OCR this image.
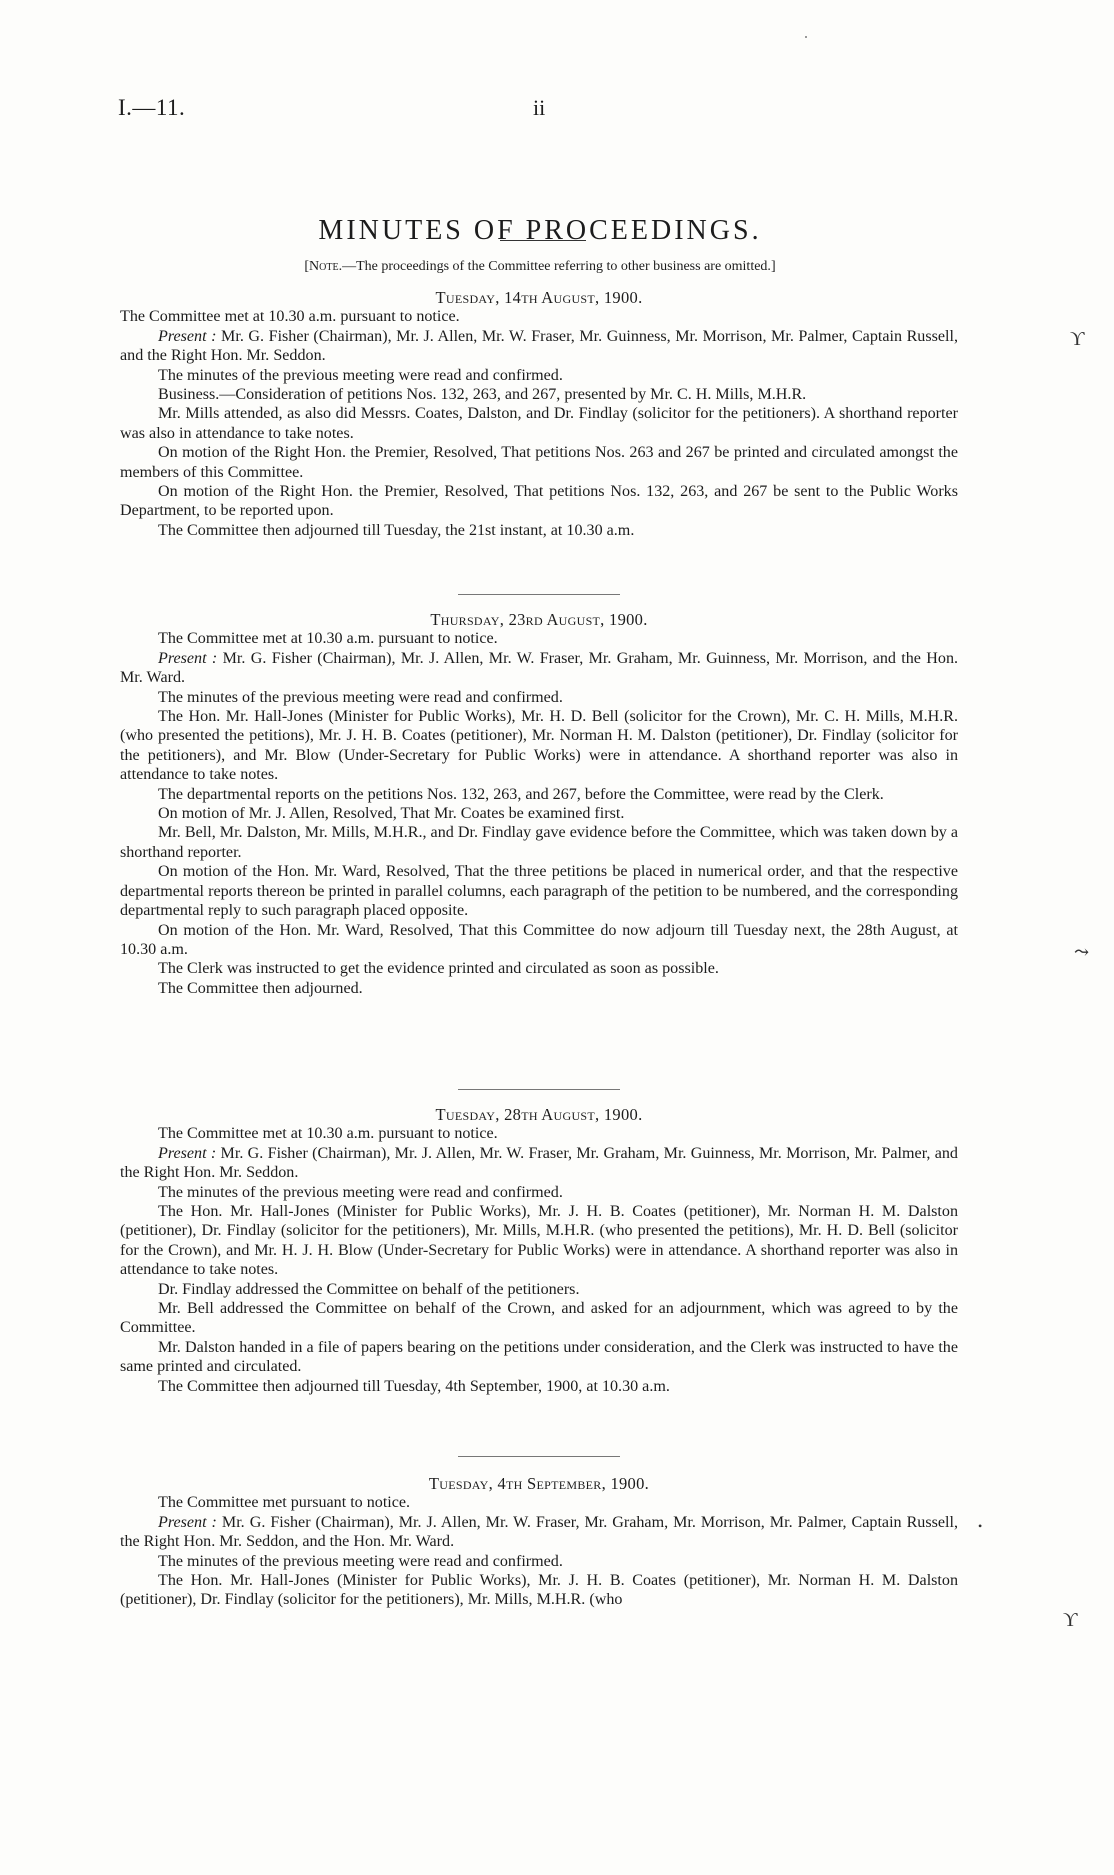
I.—11.	ii
MINUTES OF PROCEEDINGS.
[Note.—The proceedings of the Committee referring to other business are omitted.]
Tuesday, 14th August, 1900.

The Committee met at 10.30 a.m. pursuant to notice.

Present : Mr. G. Fisher (Chairman), Mr. J. Allen, Mr. W. Fraser, Mr. Guinness, Mr. Morrison, Mr. Palmer, Captain Russell, and the Right Hon. Mr. Seddon.

The minutes of the previous meeting were read and confirmed.

Business.—Consideration of petitions Nos. 132, 263, and 267, presented by Mr. C. H. Mills, M.H.R.

Mr. Mills attended, as also did Messrs. Coates, Dalston, and Dr. Findlay (solicitor for the petitioners). A shorthand reporter was also in attendance to take notes.

On motion of the Right Hon. the Premier, Resolved, That petitions Nos. 263 and 267 be printed and circulated amongst the members of this Committee.

On motion of the Right Hon. the Premier, Resolved, That petitions Nos. 132, 263, and 267 be sent to the Public Works Department, to be reported upon.

The Committee then adjourned till Tuesday, the 21st instant, at 10.30 a.m.

Thursday, 23rd August, 1900.

The Committee met at 10.30 a.m. pursuant to notice.

Present : Mr. G. Fisher (Chairman), Mr. J. Allen, Mr. W. Fraser, Mr. Graham, Mr. Guinness, Mr. Morrison, and the Hon. Mr. Ward.

The minutes of the previous meeting were read and confirmed.

The Hon. Mr. Hall-Jones (Minister for Public Works), Mr. H. D. Bell (solicitor for the Crown), Mr. C. H. Mills, M.H.R. (who presented the petitions), Mr. J. H. B. Coates (petitioner), Mr. Norman H. M. Dalston (petitioner), Dr. Findlay (solicitor for the petitioners), and Mr. Blow (Under-Secretary for Public Works) were in attendance. A shorthand reporter was also in attendance to take notes.

The departmental reports on the petitions Nos. 132, 263, and 267, before the Committee, were read by the Clerk.

On motion of Mr. J. Allen, Resolved, That Mr. Coates be examined first.

Mr. Bell, Mr. Dalston, Mr. Mills, M.H.R., and Dr. Findlay gave evidence before the Committee, which was taken down by a shorthand reporter.

On motion of the Hon. Mr. Ward, Resolved, That the three petitions be placed in numerical order, and that the respective departmental reports thereon be printed in parallel columns, each paragraph of the petition to be numbered, and the corresponding departmental reply to such paragraph placed opposite.

On motion of the Hon. Mr. Ward, Resolved, That this Committee do now adjourn till Tuesday next, the 28th August, at 10.30 a.m.

The Clerk was instructed to get the evidence printed and circulated as soon as possible.

The Committee then adjourned.

Tuesday, 28th August, 1900.

The Committee met at 10.30 a.m. pursuant to notice.

Present : Mr. G. Fisher (Chairman), Mr. J. Allen, Mr. W. Fraser, Mr. Graham, Mr. Guinness, Mr. Morrison, Mr. Palmer, and the Right Hon. Mr. Seddon.

The minutes of the previous meeting were read and confirmed.

The Hon. Mr. Hall-Jones (Minister for Public Works), Mr. J. H. B. Coates (petitioner), Mr. Norman H. M. Dalston (petitioner), Dr. Findlay (solicitor for the petitioners), Mr. Mills, M.H.R. (who presented the petitions), Mr. H. D. Bell (solicitor for the Crown), and Mr. H. J. H. Blow (Under-Secretary for Public Works) were in attendance. A shorthand reporter was also in attendance to take notes.

Dr. Findlay addressed the Committee on behalf of the petitioners.

Mr. Bell addressed the Committee on behalf of the Crown, and asked for an adjournment, which was agreed to by the Committee.

Mr. Dalston handed in a file of papers bearing on the petitions under consideration, and the Clerk was instructed to have the same printed and circulated.

The Committee then adjourned till Tuesday, 4th September, 1900, at 10.30 a.m.

Tuesday, 4th September, 1900.

The Committee met pursuant to notice.

Present : Mr. G. Fisher (Chairman), Mr. J. Allen, Mr. W. Fraser, Mr. Graham, Mr. Morrison, Mr. Palmer, Captain Russell, the Right Hon. Mr. Seddon, and the Hon. Mr. Ward.

The minutes of the previous meeting were read and confirmed.

The Hon. Mr. Hall-Jones (Minister for Public Works), Mr. J. H. B. Coates (petitioner), Mr. Norman H. M. Dalston (petitioner), Dr. Findlay (solicitor for the petitioners), Mr. Mills, M.H.R. (who

ϒ
⤳
•
ϒ
